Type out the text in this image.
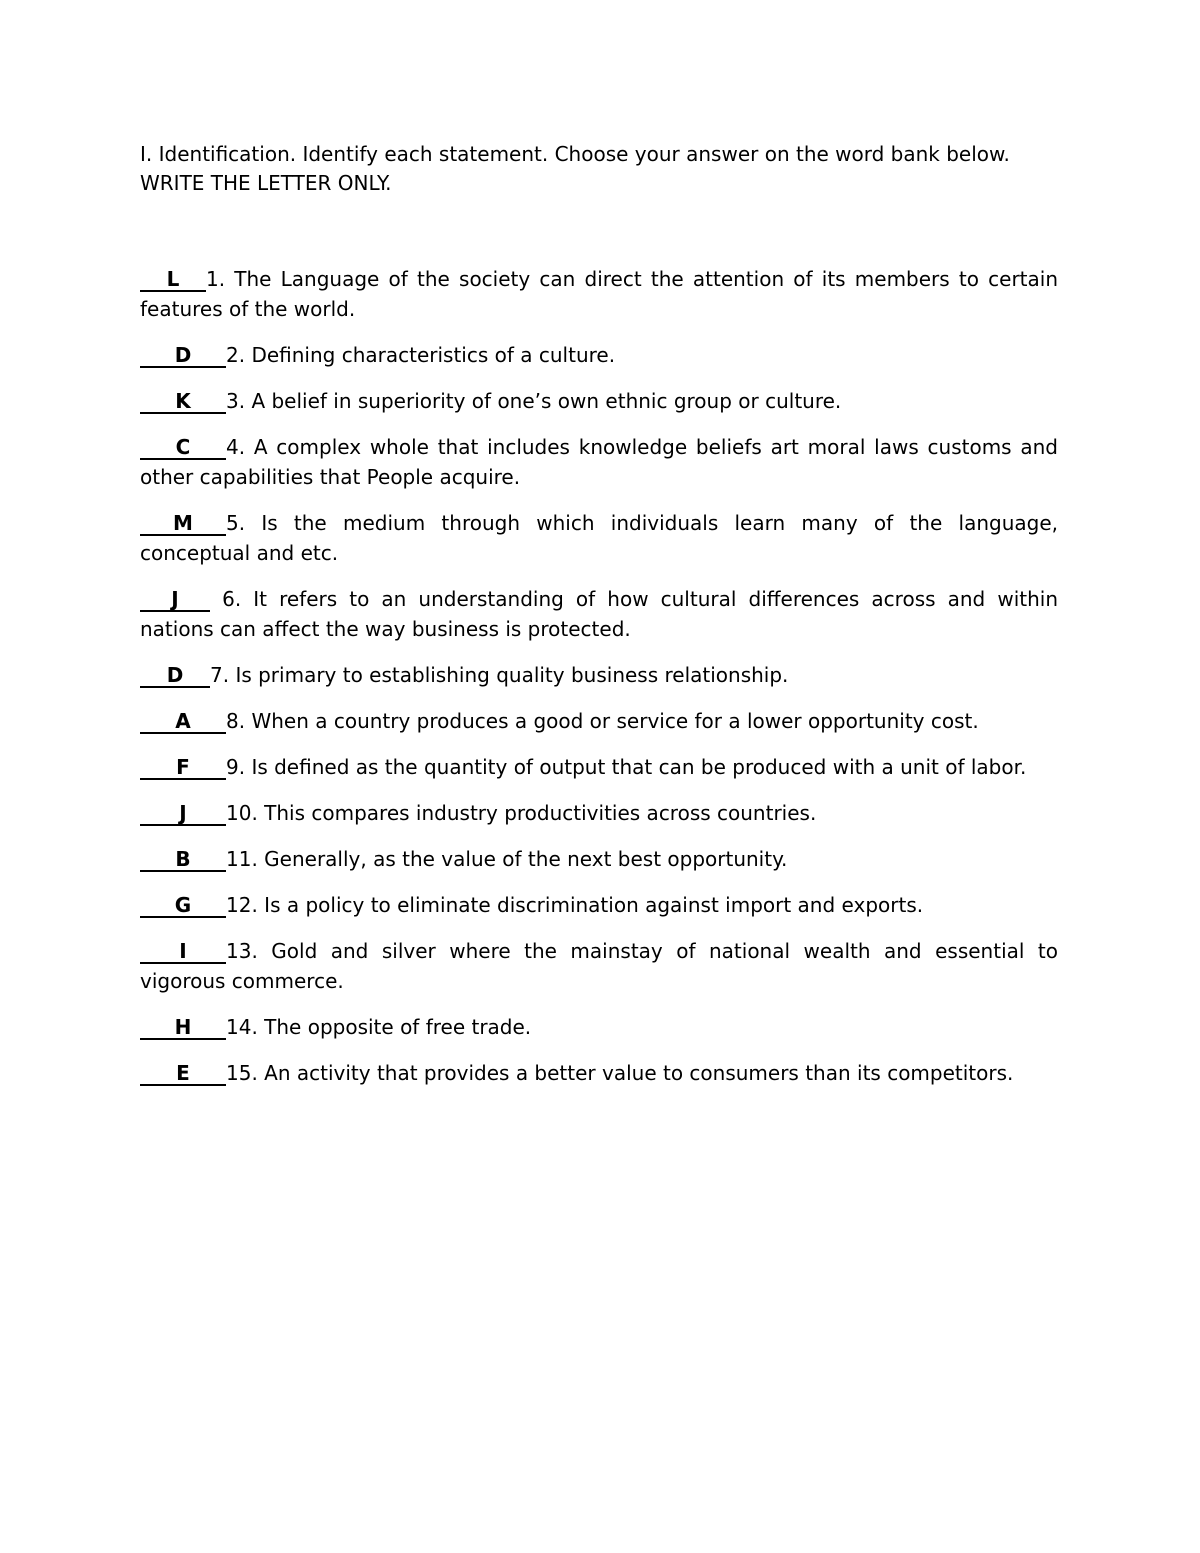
I. Identification. Identify each statement. Choose your answer on the word bank below.
WRITE THE LETTER ONLY.

L 1. The Language of the society can direct the attention of its members to certain features of the world.

D 2. Defining characteristics of a culture.

K 3. A belief in superiority of one’s own ethnic group or culture.

C 4. A complex whole that includes knowledge beliefs art moral laws customs and other capabilities that People acquire.

M 5. Is the medium through which individuals learn many of the language, conceptual and etc.

J 6. It refers to an understanding of how cultural differences across and within nations can affect the way business is protected.

D 7. Is primary to establishing quality business relationship.

A 8. When a country produces a good or service for a lower opportunity cost.

F 9. Is defined as the quantity of output that can be produced with a unit of labor.

J 10. This compares industry productivities across countries.

B 11. Generally, as the value of the next best opportunity.

G 12. Is a policy to eliminate discrimination against import and exports.

I 13. Gold and silver where the mainstay of national wealth and essential to vigorous commerce.

H 14. The opposite of free trade.

E 15. An activity that provides a better value to consumers than its competitors.
